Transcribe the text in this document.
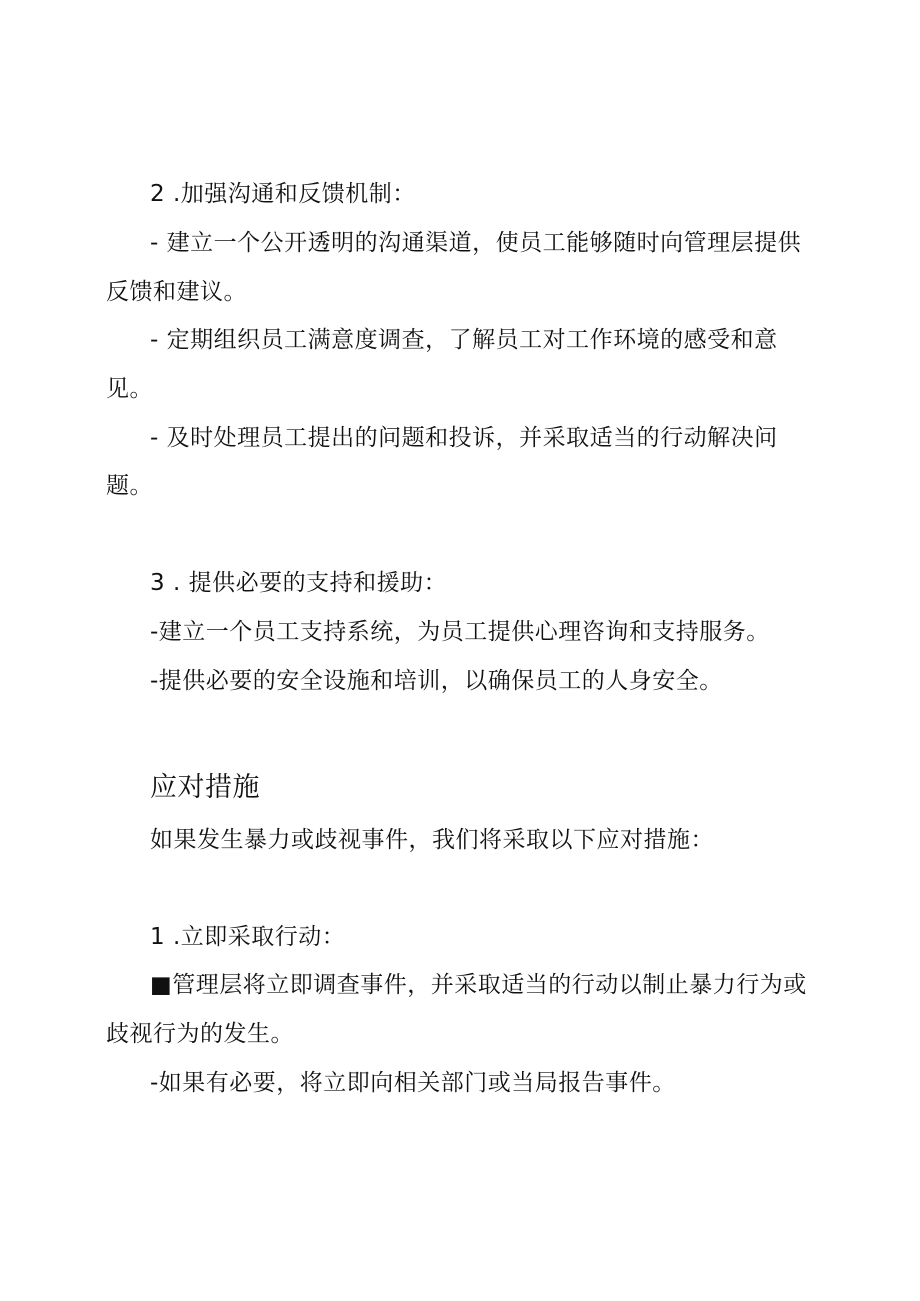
2 .加强沟通和反馈机制：
- 建立一个公开透明的沟通渠道，使员工能够随时向管理层提供
反馈和建议。
- 定期组织员工满意度调查，了解员工对工作环境的感受和意
见。
- 及时处理员工提出的问题和投诉，并采取适当的行动解决问
题。
3 . 提供必要的支持和援助：
-建立一个员工支持系统，为员工提供心理咨询和支持服务。
-提供必要的安全设施和培训，以确保员工的人身安全。
应对措施
如果发生暴力或歧视事件，我们将采取以下应对措施：
1 .立即采取行动：
■管理层将立即调查事件，并采取适当的行动以制止暴力行为或
歧视行为的发生。
-如果有必要，将立即向相关部门或当局报告事件。
